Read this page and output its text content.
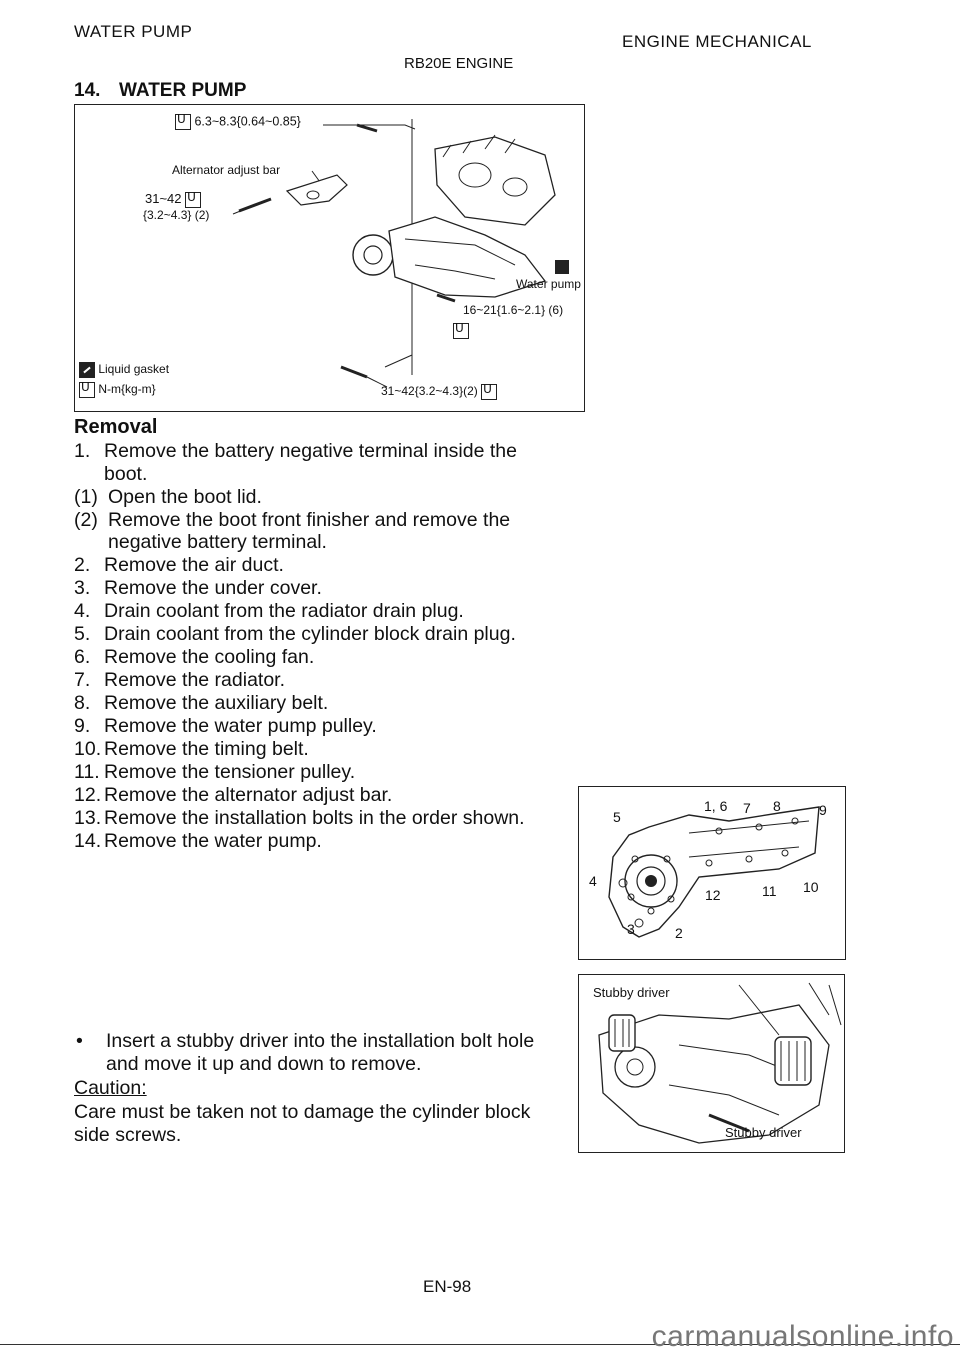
WATER PUMP
ENGINE MECHANICAL
RB20E ENGINE
14. WATER PUMP
ᑌ 6.3~8.3{0.64~0.85}
Alternator adjust bar
31~42 ᑌ
{3.2~4.3} (2)
Water pump
16~21{1.6~2.1} (6)
ᑌ
Liquid gasket
ᑌ N-m{kg-m}	31~42{3.2~4.3}(2) ᑌ
Removal
1. Remove the battery negative terminal inside the
boot.
(1) Open the boot lid.
(2) Remove the boot front finisher and remove the
negative battery terminal.
2. Remove the air duct.
3. Remove the under cover.
4. Drain coolant from the radiator drain plug.
5. Drain coolant from the cylinder block drain plug.
6. Remove the cooling fan.
7. Remove the radiator.
8. Remove the auxiliary belt.
9. Remove the water pump pulley.
10. Remove the timing belt.
11. Remove the tensioner pulley.
12. Remove the alternator adjust bar.
13. Remove the installation bolts in the order shown.
14. Remove the water pump.
1, 6 7 8	9
5
4
12	11 10
3	2
Stubby driver
Stubby driver
• Insert a stubby driver into the installation bolt hole
and move it up and down to remove.
Caution:
Care must be taken not to damage the cylinder block
side screws.
EN-98
carmanualsonline.info
